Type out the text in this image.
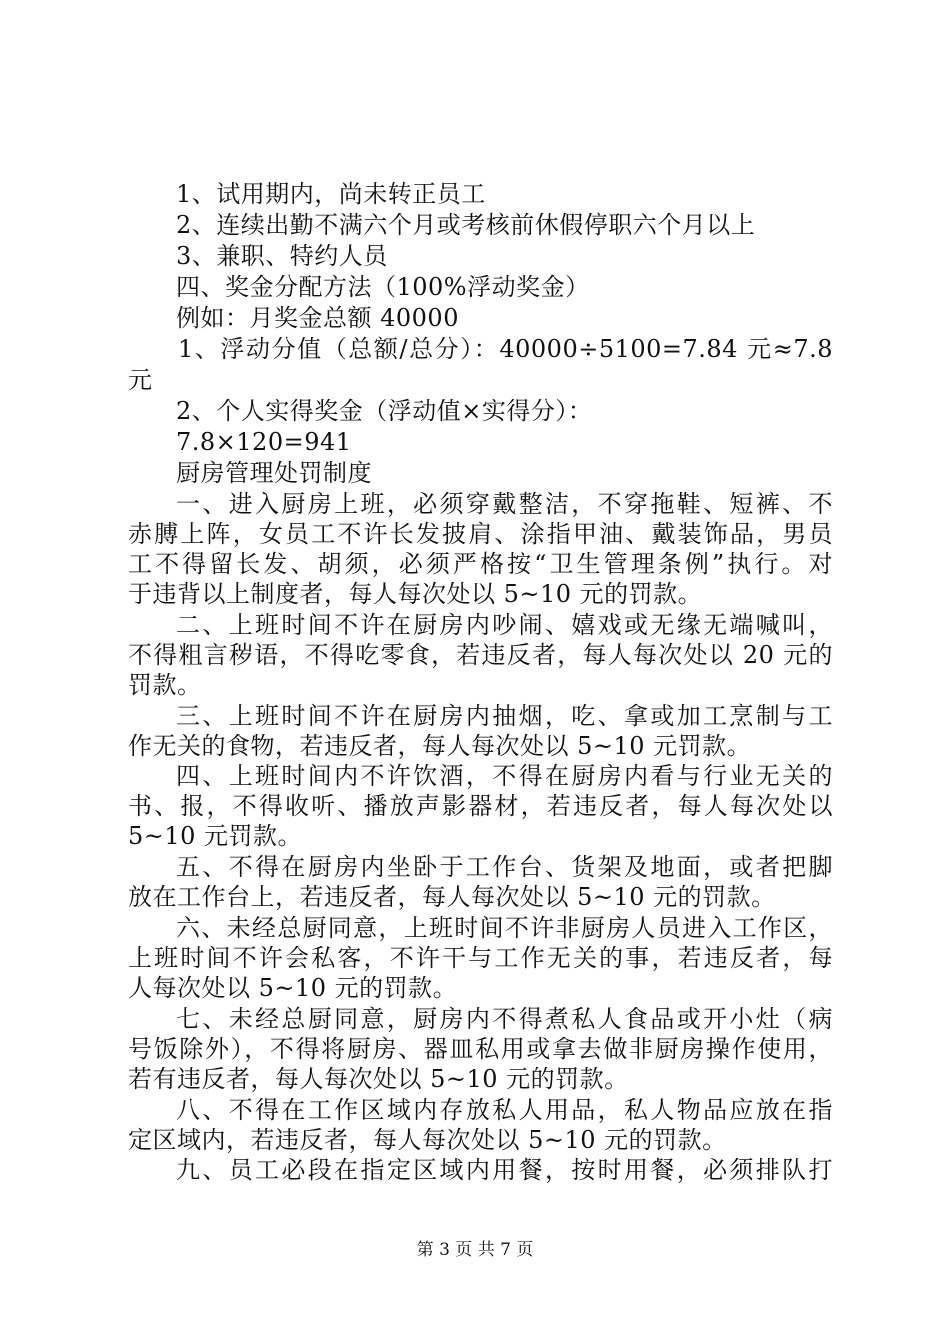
1、试用期内，尚未转正员工
2、连续出勤不满六个月或考核前休假停职六个月以上
3、兼职、特约人员
四、奖金分配方法（100%浮动奖金）
例如：月奖金总额 40000
1、浮动分值（总额/总分）：40000÷5100=7.84 元≈7.8
元
2、个人实得奖金（浮动值×实得分）：
7.8×120=941
厨房管理处罚制度
一、进入厨房上班，必须穿戴整洁，不穿拖鞋、短裤、不
赤膊上阵，女员工不许长发披肩、涂指甲油、戴装饰品，男员
工不得留长发、胡须，必须严格按“卫生管理条例”执行。对
于违背以上制度者，每人每次处以 5~10 元的罚款。
二、上班时间不许在厨房内吵闹、嬉戏或无缘无端喊叫，
不得粗言秽语，不得吃零食，若违反者，每人每次处以 20 元的
罚款。
三、上班时间不许在厨房内抽烟，吃、拿或加工烹制与工
作无关的食物，若违反者，每人每次处以 5~10 元罚款。
四、上班时间内不许饮酒，不得在厨房内看与行业无关的
书、报，不得收听、播放声影器材，若违反者，每人每次处以
5~10 元罚款。
五、不得在厨房内坐卧于工作台、货架及地面，或者把脚
放在工作台上，若违反者，每人每次处以 5~10 元的罚款。
六、未经总厨同意，上班时间不许非厨房人员进入工作区，
上班时间不许会私客，不许干与工作无关的事，若违反者，每
人每次处以 5~10 元的罚款。
七、未经总厨同意，厨房内不得煮私人食品或开小灶（病
号饭除外），不得将厨房、器皿私用或拿去做非厨房操作使用，
若有违反者，每人每次处以 5~10 元的罚款。
八、不得在工作区域内存放私人用品，私人物品应放在指
定区域内，若违反者，每人每次处以 5~10 元的罚款。
九、员工必段在指定区域内用餐，按时用餐，必须排队打
第 3 页 共 7 页
